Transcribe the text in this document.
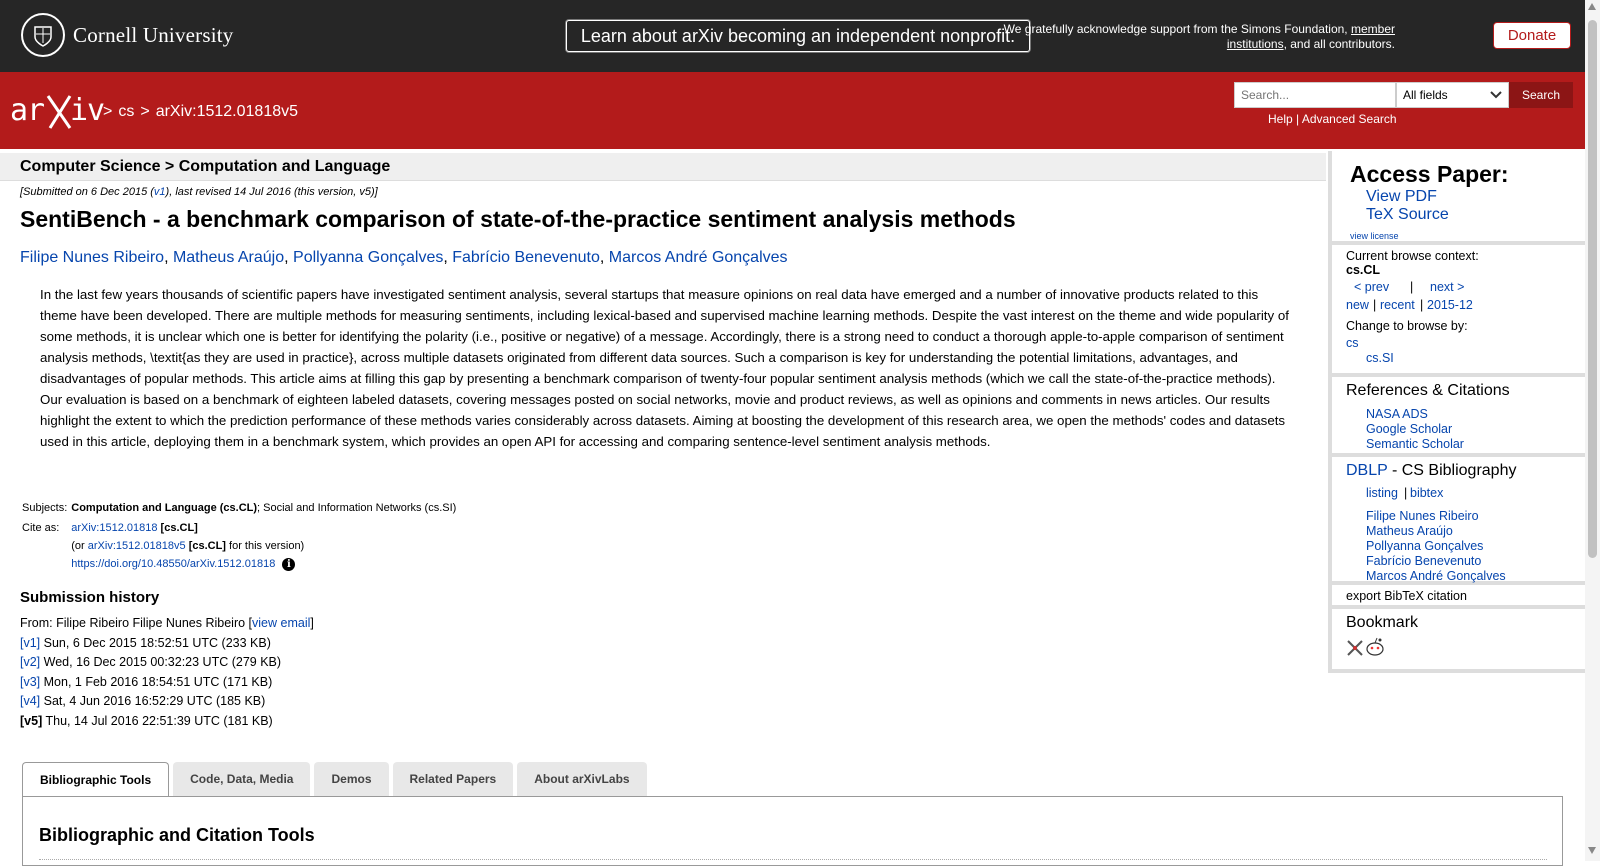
Cornell University	Learn about arXiv becoming an independent nonprofit.
We gratefully acknowledge support from the Simons Foundation, member institutions, and all contributors.	Donate
ar iv
> cs > arXiv:1512.01818v5
Search...
All fields	Search
Help | Advanced Search
Computer Science > Computation and Language
[Submitted on 6 Dec 2015 (v1), last revised 14 Jul 2016 (this version, v5)]
SentiBench - a benchmark comparison of state-of-the-practice sentiment analysis methods
Filipe Nunes Ribeiro, Matheus Araújo, Pollyanna Gonçalves, Fabrício Benevenuto, Marcos André Gonçalves

In the last few years thousands of scientific papers have investigated sentiment analysis, several startups that measure opinions on real data have emerged and a number of innovative products related to this theme have been developed. There are multiple methods for measuring sentiments, including lexical-based and supervised machine learning methods. Despite the vast interest on the theme and wide popularity of some methods, it is unclear which one is better for identifying the polarity (i.e., positive or negative) of a message. Accordingly, there is a strong need to conduct a thorough apple-to-apple comparison of sentiment analysis methods, \textit{as they are used in practice}, across multiple datasets originated from different data sources. Such a comparison is key for understanding the potential limitations, advantages, and disadvantages of popular methods. This article aims at filling this gap by presenting a benchmark comparison of twenty-four popular sentiment analysis methods (which we call the state-of-the-practice methods). Our evaluation is based on a benchmark of eighteen labeled datasets, covering messages posted on social networks, movie and product reviews, as well as opinions and comments in news articles. Our results highlight the extent to which the prediction performance of these methods varies considerably across datasets. Aiming at boosting the development of this research area, we open the methods' codes and datasets used in this article, deploying them in a benchmark system, which provides an open API for accessing and comparing sentence-level sentiment analysis methods.

Subjects:	Computation and Language (cs.CL); Social and Information Networks (cs.SI)
Cite as:	arXiv:1512.01818 [cs.CL]
(or arXiv:1512.01818v5 [cs.CL] for this version)
https://doi.org/10.48550/arXiv.1512.01818 i
Submission history
From: Filipe Ribeiro Filipe Nunes Ribeiro [view email]
[v1] Sun, 6 Dec 2015 18:52:51 UTC (233 KB)
[v2] Wed, 16 Dec 2015 00:32:23 UTC (279 KB)
[v3] Mon, 1 Feb 2016 18:54:51 UTC (171 KB)
[v4] Sat, 4 Jun 2016 16:52:29 UTC (185 KB)
[v5] Thu, 14 Jul 2016 22:51:39 UTC (181 KB)
Bibliographic Tools	Code, Data, Media	Demos	Related Papers	About arXivLabs
Bibliographic and Citation Tools
Access Paper:
View PDF
TeX Source
view license
Current browse context:
cs.CL
< prev | next >
new | recent | 2015-12
Change to browse by:
cs
cs.SI
References & Citations
NASA ADS
Google Scholar
Semantic Scholar
DBLP - CS Bibliography
listing | bibtex
Filipe Nunes Ribeiro
Matheus Araújo
Pollyanna Gonçalves
Fabrício Benevenuto
Marcos André Gonçalves
export BibTeX citation
Bookmark
